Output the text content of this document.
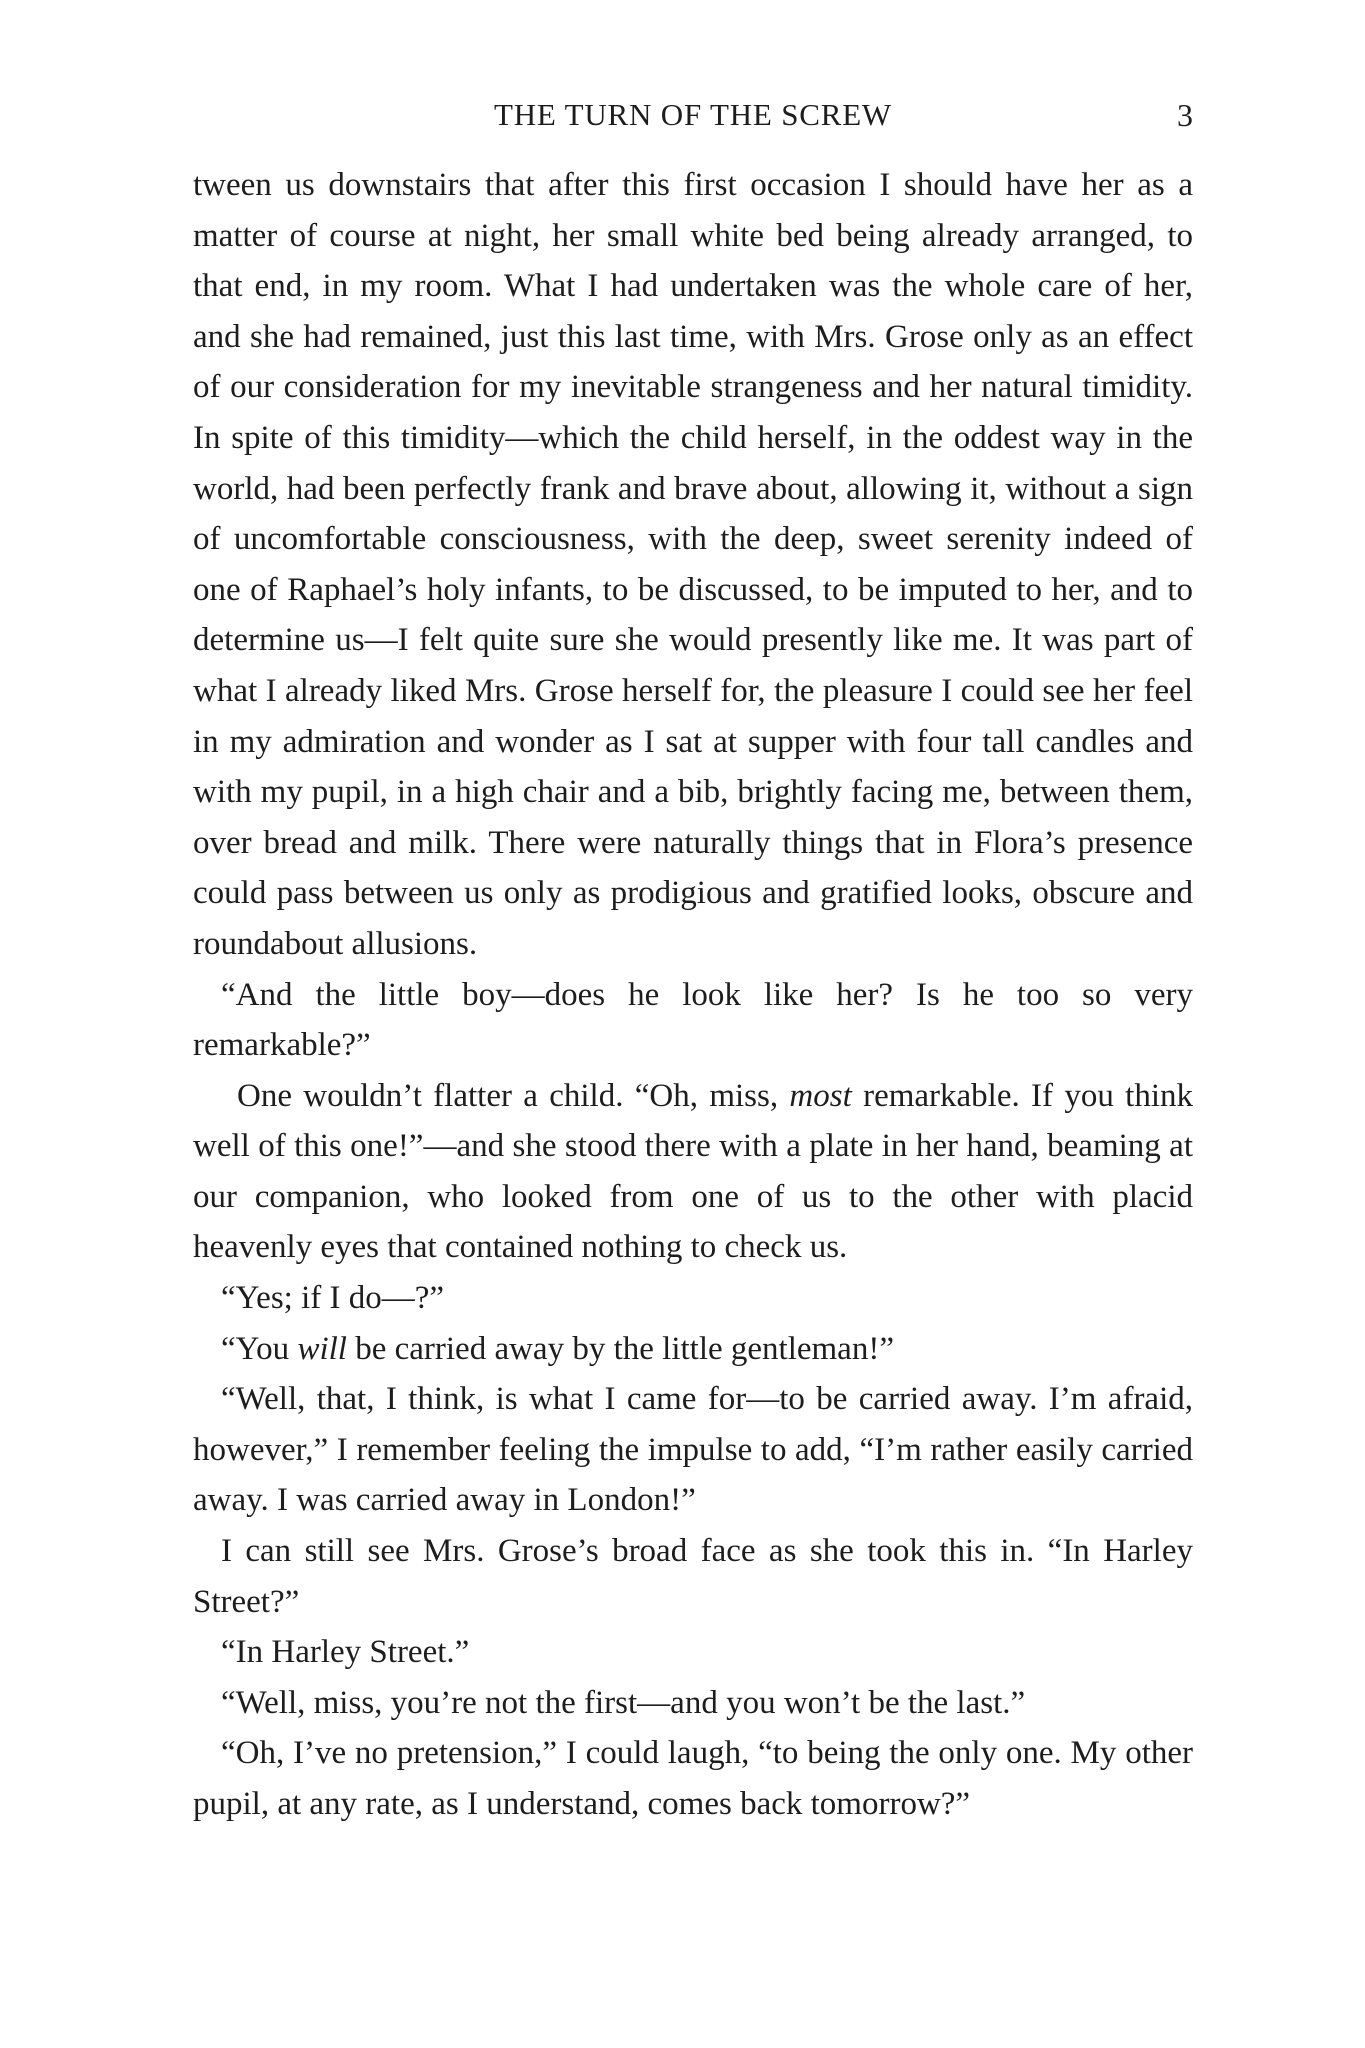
THE TURN OF THE SCREW	3

tween us downstairs that after this first occasion I should have her as a matter of course at night, her small white bed being already arranged, to that end, in my room. What I had undertaken was the whole care of her, and she had remained, just this last time, with Mrs. Grose only as an effect of our consideration for my inevitable strangeness and her natural timidity. In spite of this timidity—which the child herself, in the oddest way in the world, had been perfectly frank and brave about, allowing it, without a sign of uncomfortable consciousness, with the deep, sweet serenity indeed of one of Raphael’s holy infants, to be discussed, to be imputed to her, and to determine us—I felt quite sure she would presently like me. It was part of what I already liked Mrs. Grose herself for, the pleasure I could see her feel in my admiration and wonder as I sat at supper with four tall candles and with my pupil, in a high chair and a bib, brightly facing me, between them, over bread and milk. There were naturally things that in Flora’s presence could pass between us only as prodigious and gratified looks, obscure and roundabout allusions.

“And the little boy—does he look like her? Is he too so very remarkable?”

One wouldn’t flatter a child. “Oh, miss, most remarkable. If you think well of this one!”—and she stood there with a plate in her hand, beaming at our companion, who looked from one of us to the other with placid heavenly eyes that contained nothing to check us.

“Yes; if I do—?”

“You will be carried away by the little gentleman!”

“Well, that, I think, is what I came for—to be carried away. I’m afraid, however,” I remember feeling the impulse to add, “I’m rather easily carried away. I was carried away in London!”

I can still see Mrs. Grose’s broad face as she took this in. “In Harley Street?”

“In Harley Street.”

“Well, miss, you’re not the first—and you won’t be the last.”

“Oh, I’ve no pretension,” I could laugh, “to being the only one. My other pupil, at any rate, as I understand, comes back tomorrow?”
